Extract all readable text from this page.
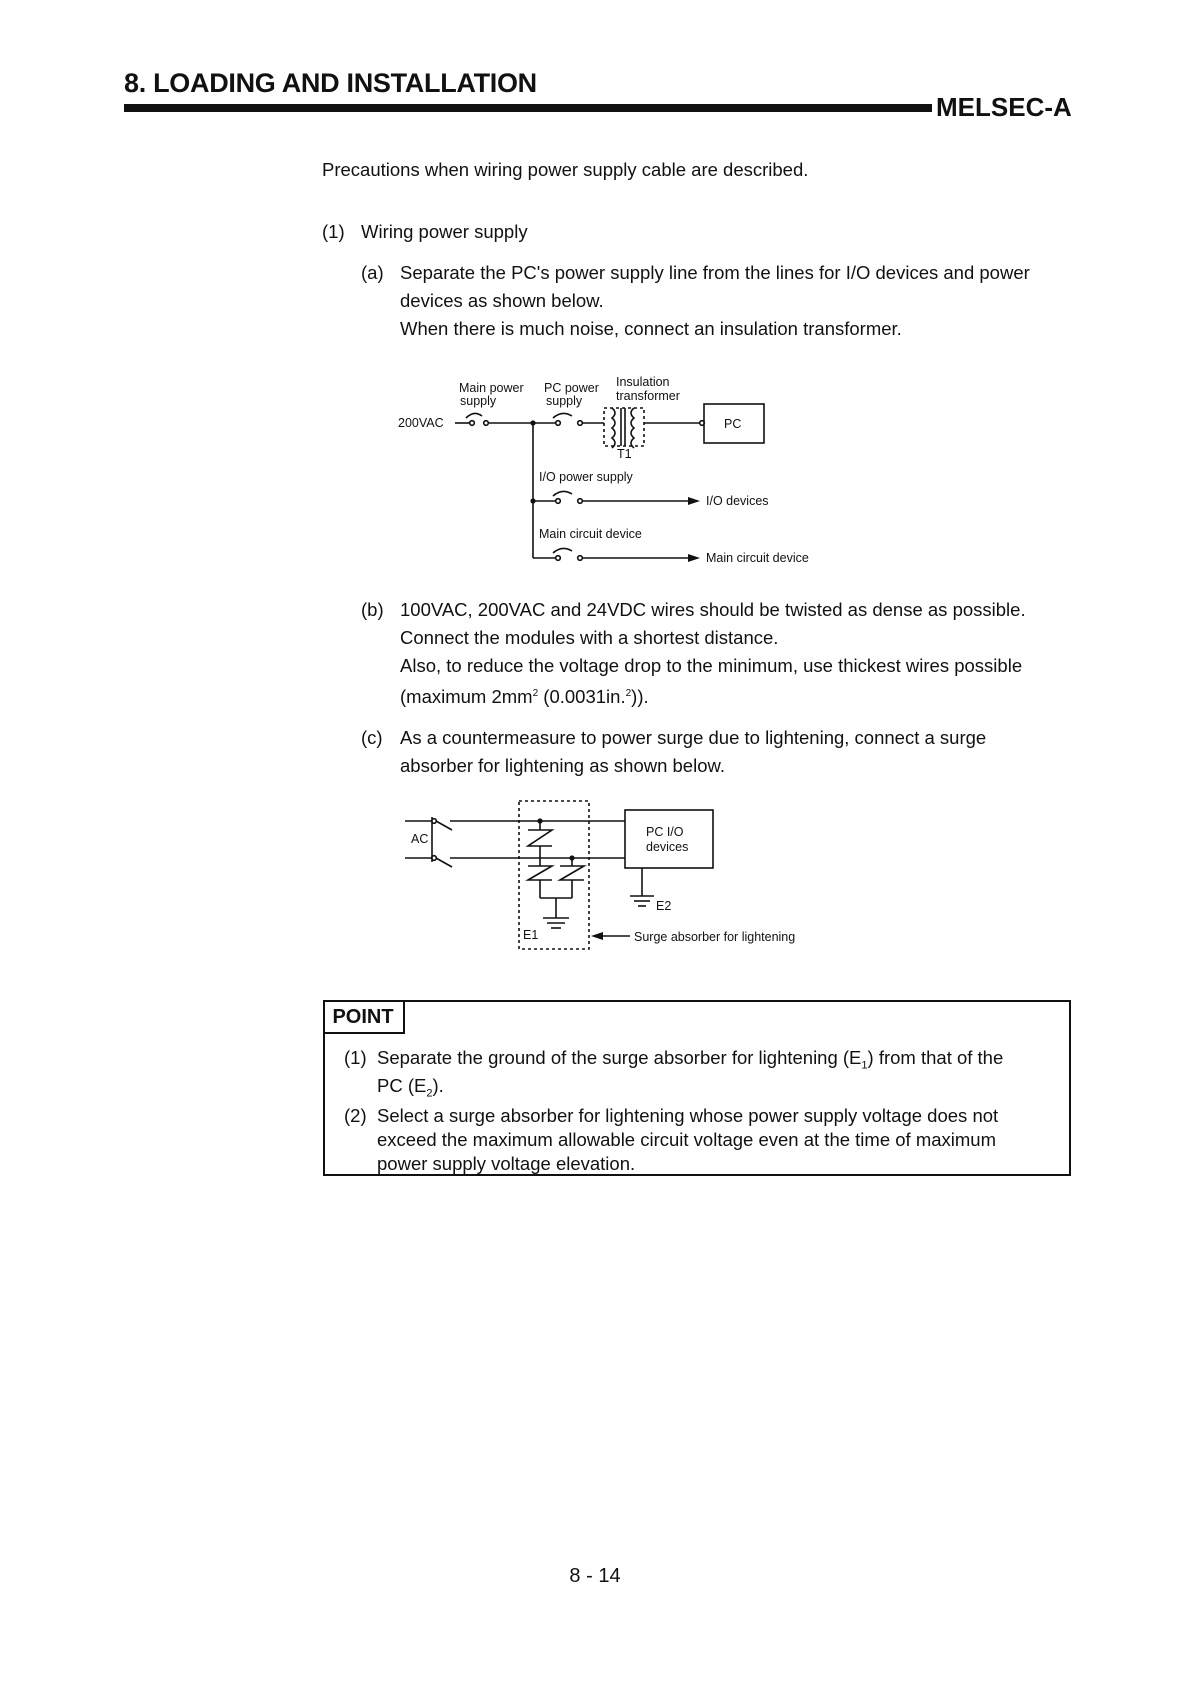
8. LOADING AND INSTALLATION
MELSEC-A
Precautions when wiring power supply cable are described.
(1) Wiring power supply
(a) Separate the PC's power supply line from the lines for I/O devices and power
devices as shown below.
When there is much noise, connect an insulation transformer.
200VAC
Main power
supply
PC power
supply
Insulation
transformer
T1
PC
I/O power supply
I/O devices
Main circuit device
Main circuit device
(b) 100VAC, 200VAC and 24VDC wires should be twisted as dense as possible.
Connect the modules with a shortest distance.
Also, to reduce the voltage drop to the minimum, use thickest wires possible
(maximum $2mm^2$ (0.0031in.$^2$)).
(c) As a countermeasure to power surge due to lightening, connect a surge
absorber for lightening as shown below.
AC	PC I/O
devices
E2
E1	Surge absorber for lightening
POINT
(1) Separate the ground of the surge absorber for lightening $(E_1)$ from that of the
PC $(E_2)$.
(2) Select a surge absorber for lightening whose power supply voltage does not
exceed the maximum allowable circuit voltage even at the time of maximum
power supply voltage elevation.
8 - 14
